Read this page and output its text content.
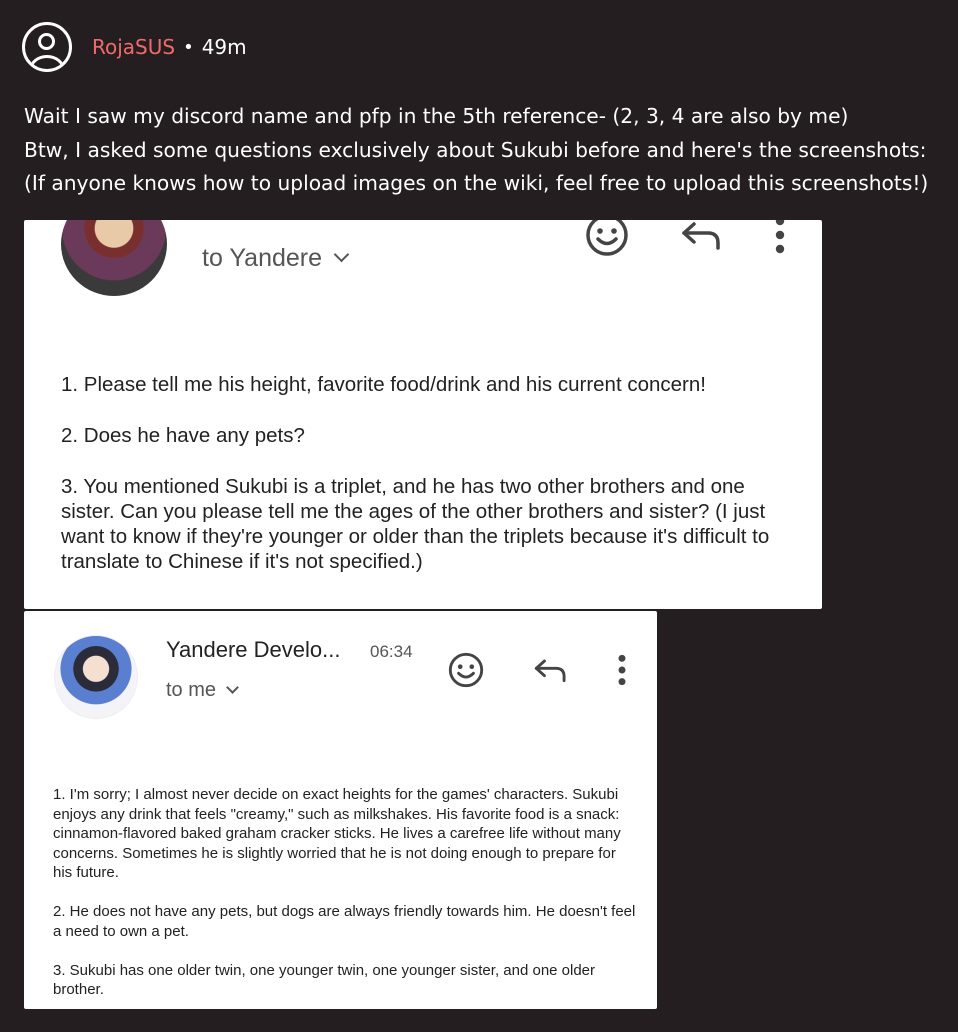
RojaSUS • 49m

Wait I saw my discord name and pfp in the 5th reference- (2, 3, 4 are also by me)

Btw, I asked some questions exclusively about Sukubi before and here's the screenshots:

(If anyone knows how to upload images on the wiki, feel free to upload this screenshots!)

to Yandere

1. Please tell me his height, favorite food/drink and his current concern!

2. Does he have any pets?

3. You mentioned Sukubi is a triplet, and he has two other brothers and one sister. Can you please tell me the ages of the other brothers and sister? (I just want to know if they're younger or older than the triplets because it's difficult to translate to Chinese if it's not specified.)

Yandere Develo... 06:34
to me

1. I'm sorry; I almost never decide on exact heights for the games' characters. Sukubi enjoys any drink that feels "creamy," such as milkshakes. His favorite food is a snack: cinnamon-flavored baked graham cracker sticks. He lives a carefree life without many concerns. Sometimes he is slightly worried that he is not doing enough to prepare for his future.

2. He does not have any pets, but dogs are always friendly towards him. He doesn't feel a need to own a pet.

3. Sukubi has one older twin, one younger twin, one younger sister, and one older brother.
